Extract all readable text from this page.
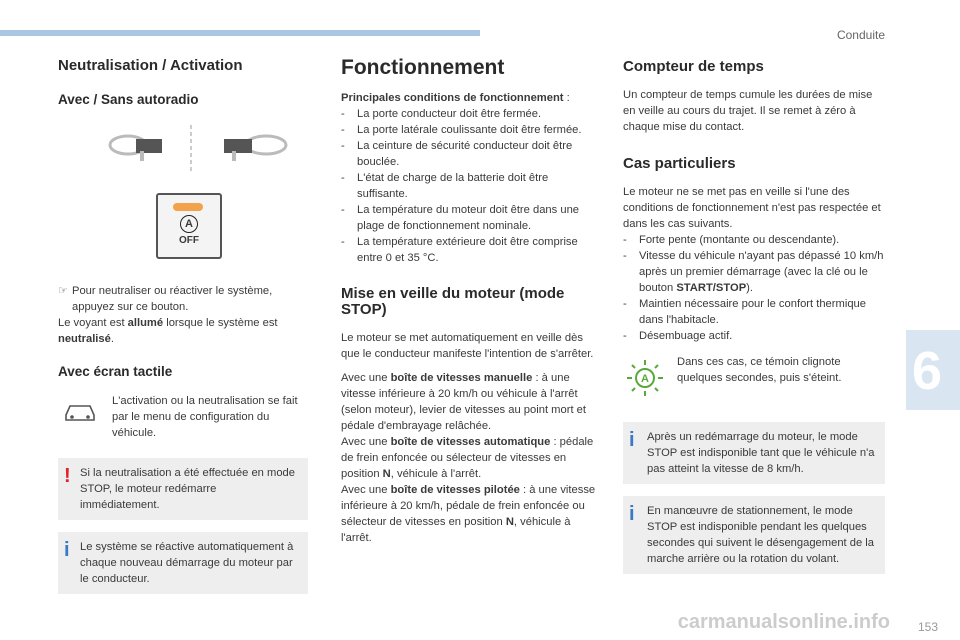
Conduite
6
Neutralisation / Activation
Avec / Sans autoradio
A
OFF

☞ Pour neutraliser ou réactiver le système, appuyez sur ce bouton.

Le voyant est allumé lorsque le système est
neutralisé.

Avec écran tactile

L'activation ou la neutralisation se fait par le menu de configuration du véhicule.

! Si la neutralisation a été effectuée en mode STOP, le moteur redémarre immédiatement.

i Le système se réactive automatiquement à chaque nouveau démarrage du moteur par le conducteur.

Fonctionnement

Principales conditions de fonctionnement :

- La porte conducteur doit être fermée.
- La porte latérale coulissante doit être fermée.
- La ceinture de sécurité conducteur doit être bouclée.
- L'état de charge de la batterie doit être suffisante.
- La température du moteur doit être dans une plage de fonctionnement nominale.
- La température extérieure doit être comprise entre 0 et 35 °C.
Mise en veille du moteur (mode STOP)

Le moteur se met automatiquement en veille dès que le conducteur manifeste l'intention de s'arrêter.

Avec une boîte de vitesses manuelle : à une vitesse inférieure à 20 km/h ou véhicule à l'arrêt (selon moteur), levier de vitesses au point mort et pédale d'embrayage relâchée.

Avec une boîte de vitesses automatique : pédale de frein enfoncée ou sélecteur de vitesses en position N, véhicule à l'arrêt.

Avec une boîte de vitesses pilotée : à une vitesse inférieure à 20 km/h, pédale de frein enfoncée ou sélecteur de vitesses en position N, véhicule à l'arrêt.

Compteur de temps

Un compteur de temps cumule les durées de mise en veille au cours du trajet. Il se remet à zéro à chaque mise du contact.

Cas particuliers

Le moteur ne se met pas en veille si l'une des conditions de fonctionnement n'est pas respectée et dans les cas suivants.

- Forte pente (montante ou descendante).
- Vitesse du véhicule n'ayant pas dépassé 10 km/h après un premier démarrage (avec la clé ou le bouton START/STOP).
- Maintien nécessaire pour le confort thermique dans l'habitacle.
- Désembuage actif.
A

Dans ces cas, ce témoin clignote quelques secondes, puis s'éteint.

i Après un redémarrage du moteur, le mode STOP est indisponible tant que le véhicule n'a pas atteint la vitesse de 8 km/h.

i En manœuvre de stationnement, le mode STOP est indisponible pendant les quelques secondes qui suivent le désengagement de la marche arrière ou la rotation du volant.

carmanualsonline.info 153
